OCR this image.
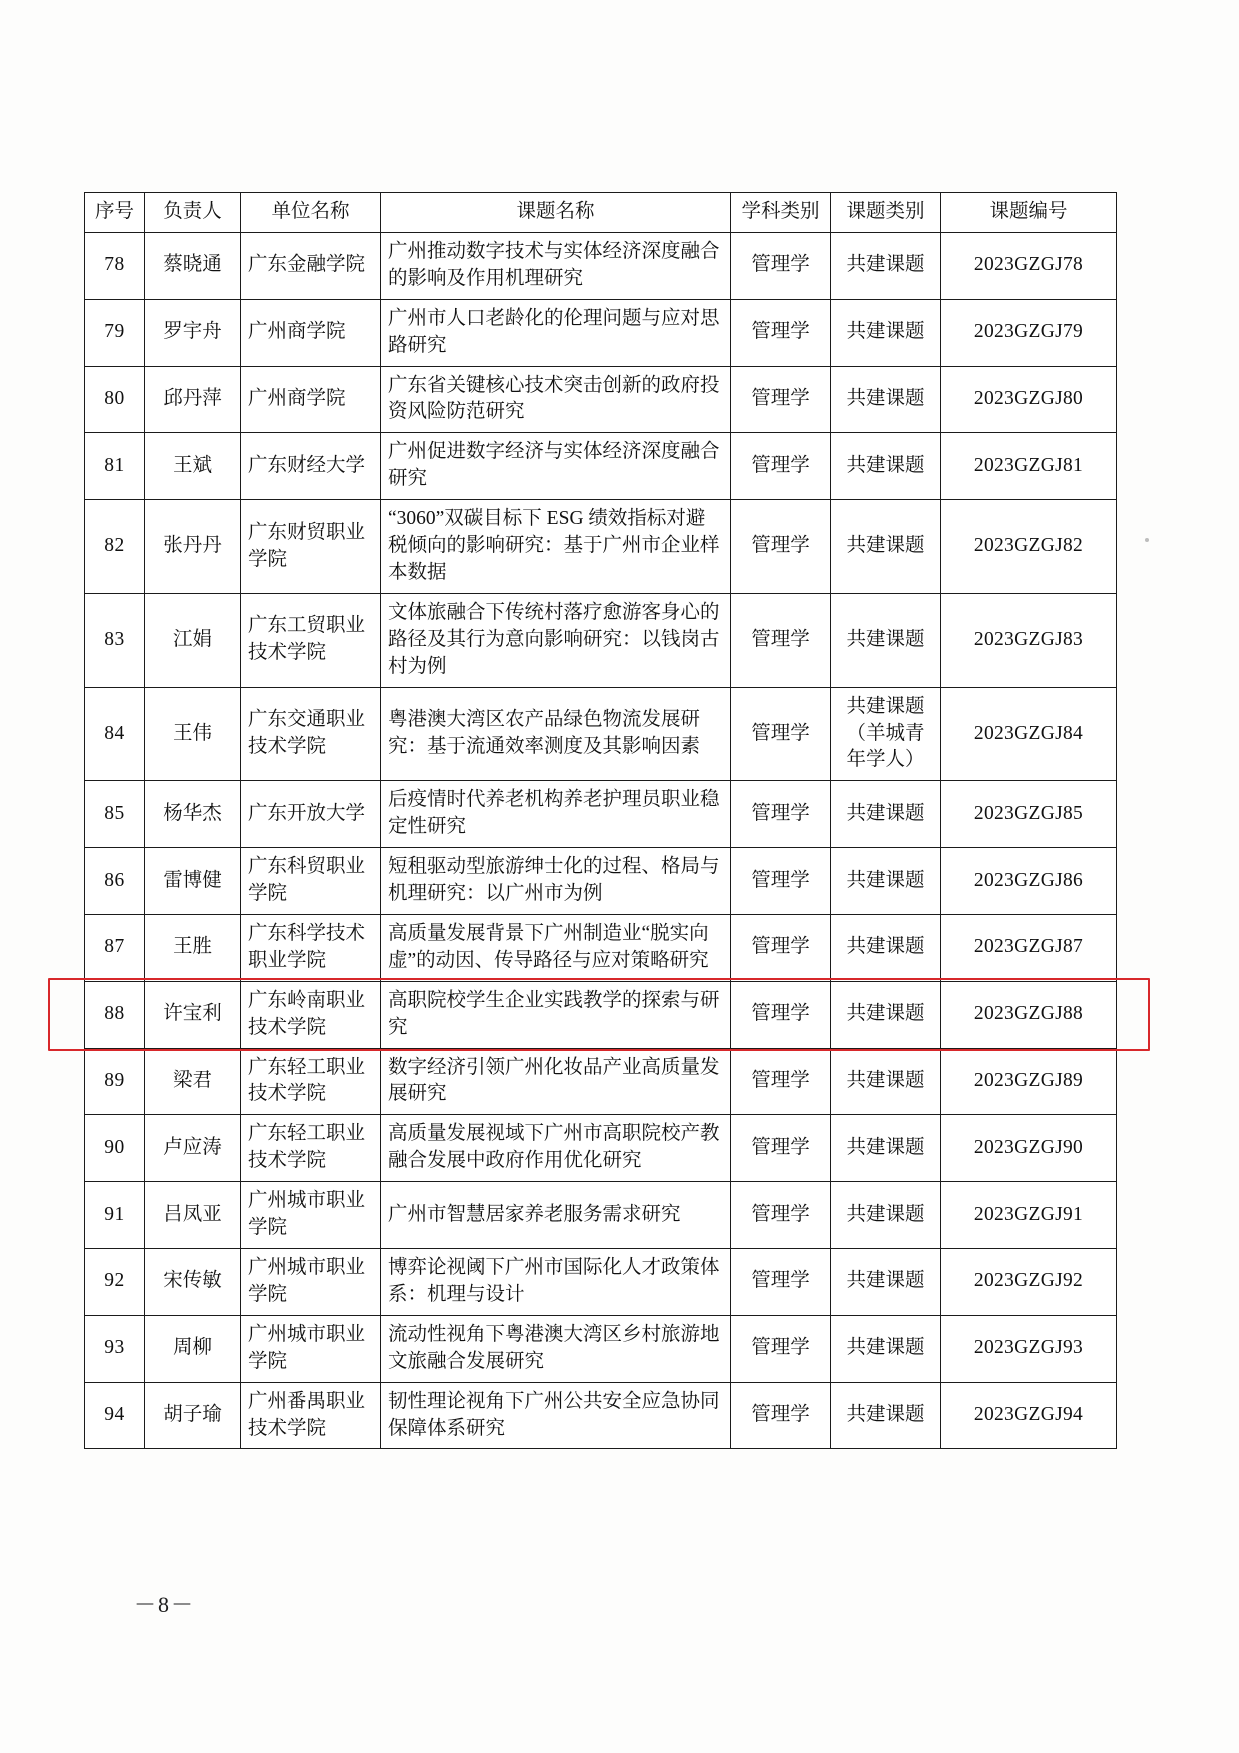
序号	负责人	单位名称	课题名称	学科类别	课题类别	课题编号
78	蔡晓通	广东金融学院	广州推动数字技术与实体经济深度融合的影响及作用机理研究	管理学	共建课题	2023GZGJ78
79	罗宇舟	广州商学院	广州市人口老龄化的伦理问题与应对思路研究	管理学	共建课题	2023GZGJ79
80	邱丹萍	广州商学院	广东省关键核心技术突击创新的政府投资风险防范研究	管理学	共建课题	2023GZGJ80
81	王斌	广东财经大学	广州促进数字经济与实体经济深度融合研究	管理学	共建课题	2023GZGJ81
82	张丹丹	广东财贸职业学院	“3060”双碳目标下 ESG 绩效指标对避税倾向的影响研究：基于广州市企业样本数据	管理学	共建课题	2023GZGJ82
83	江娟	广东工贸职业技术学院	文体旅融合下传统村落疗愈游客身心的路径及其行为意向影响研究：以钱岗古村为例	管理学	共建课题	2023GZGJ83
84	王伟	广东交通职业技术学院	粤港澳大湾区农产品绿色物流发展研究：基于流通效率测度及其影响因素	管理学	共建课题（羊城青年学人）	2023GZGJ84
85	杨华杰	广东开放大学	后疫情时代养老机构养老护理员职业稳定性研究	管理学	共建课题	2023GZGJ85
86	雷博健	广东科贸职业学院	短租驱动型旅游绅士化的过程、格局与机理研究：以广州市为例	管理学	共建课题	2023GZGJ86
87	王胜	广东科学技术职业学院	高质量发展背景下广州制造业“脱实向虚”的动因、传导路径与应对策略研究	管理学	共建课题	2023GZGJ87
88	许宝利	广东岭南职业技术学院	高职院校学生企业实践教学的探索与研究	管理学	共建课题	2023GZGJ88
89	梁君	广东轻工职业技术学院	数字经济引领广州化妆品产业高质量发展研究	管理学	共建课题	2023GZGJ89
90	卢应涛	广东轻工职业技术学院	高质量发展视域下广州市高职院校产教融合发展中政府作用优化研究	管理学	共建课题	2023GZGJ90
91	吕凤亚	广州城市职业学院	广州市智慧居家养老服务需求研究	管理学	共建课题	2023GZGJ91
92	宋传敏	广州城市职业学院	博弈论视阈下广州市国际化人才政策体系：机理与设计	管理学	共建课题	2023GZGJ92
93	周柳	广州城市职业学院	流动性视角下粤港澳大湾区乡村旅游地文旅融合发展研究	管理学	共建课题	2023GZGJ93
94	胡子瑜	广州番禺职业技术学院	韧性理论视角下广州公共安全应急协同保障体系研究	管理学	共建课题	2023GZGJ94
－8－
